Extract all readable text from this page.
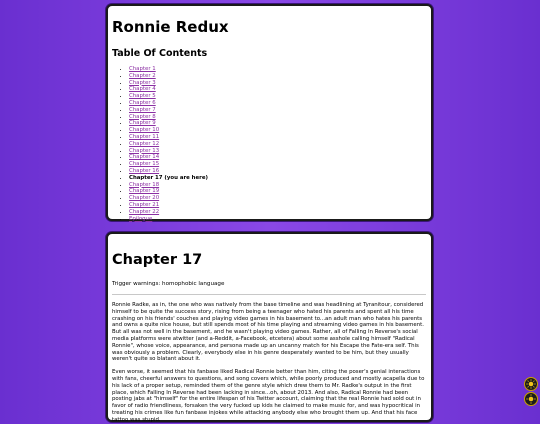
Ronnie Redux
Table Of Contents
• Chapter 1
• Chapter 2
• Chapter 3
• Chapter 4
• Chapter 5
• Chapter 6
• Chapter 7
• Chapter 8
• Chapter 9
• Chapter 10
• Chapter 11
• Chapter 12
• Chapter 13
• Chapter 14
• Chapter 15
• Chapter 16
• Chapter 17 (you are here)
• Chapter 18
• Chapter 19
• Chapter 20
• Chapter 21
• Chapter 22
• Epilogue
Chapter 17
Trigger warnings: homophobic language

Ronnie Radke, as in, the one who was natively from the base timeline and was headlining at Tyranitour, considered himself to be quite the success story, rising from being a teenager who hated his parents and spent all his time crashing on his friends' couches and playing video games in his basement to...an adult man who hates his parents and owns a quite nice house, but still spends most of his time playing and streaming video games in his basement. But all was not well in the basement, and he wasn't playing video games. Rather, all of Falling In Reverse's social media platforms were atwitter (and a-Reddit, a-Facebook, etcetera) about some asshole calling himself "Radical Ronnie", whose voice, appearance, and persona made up an uncanny match for his Escape the Fate-era self. This was obviously a problem. Clearly, everybody else in his genre desperately wanted to be him, but they usually weren't quite so blatant about it.

Even worse, it seemed that his fanbase liked Radical Ronnie better than him, citing the poser's genial interactions with fans, cheerful answers to questions, and song covers which, while poorly produced and mostly acapella due to his lack of a proper setup, reminded them of the genre style which drew them to Mr. Radke's output in the first place, which Falling In Reverse had been lacking in since...oh, about 2013. And also, Radical Ronnie had been posting jabs at "himself" for the entire lifespan of his Twitter account, claiming that the real Ronnie had sold out in favor of radio friendliness, forsaken the very fucked up kids he claimed to make music for, and was hypocritical in treating his crimes like fun fanbase injokes while attacking anybody else who brought them up. And that his face tattoo was stupid.
